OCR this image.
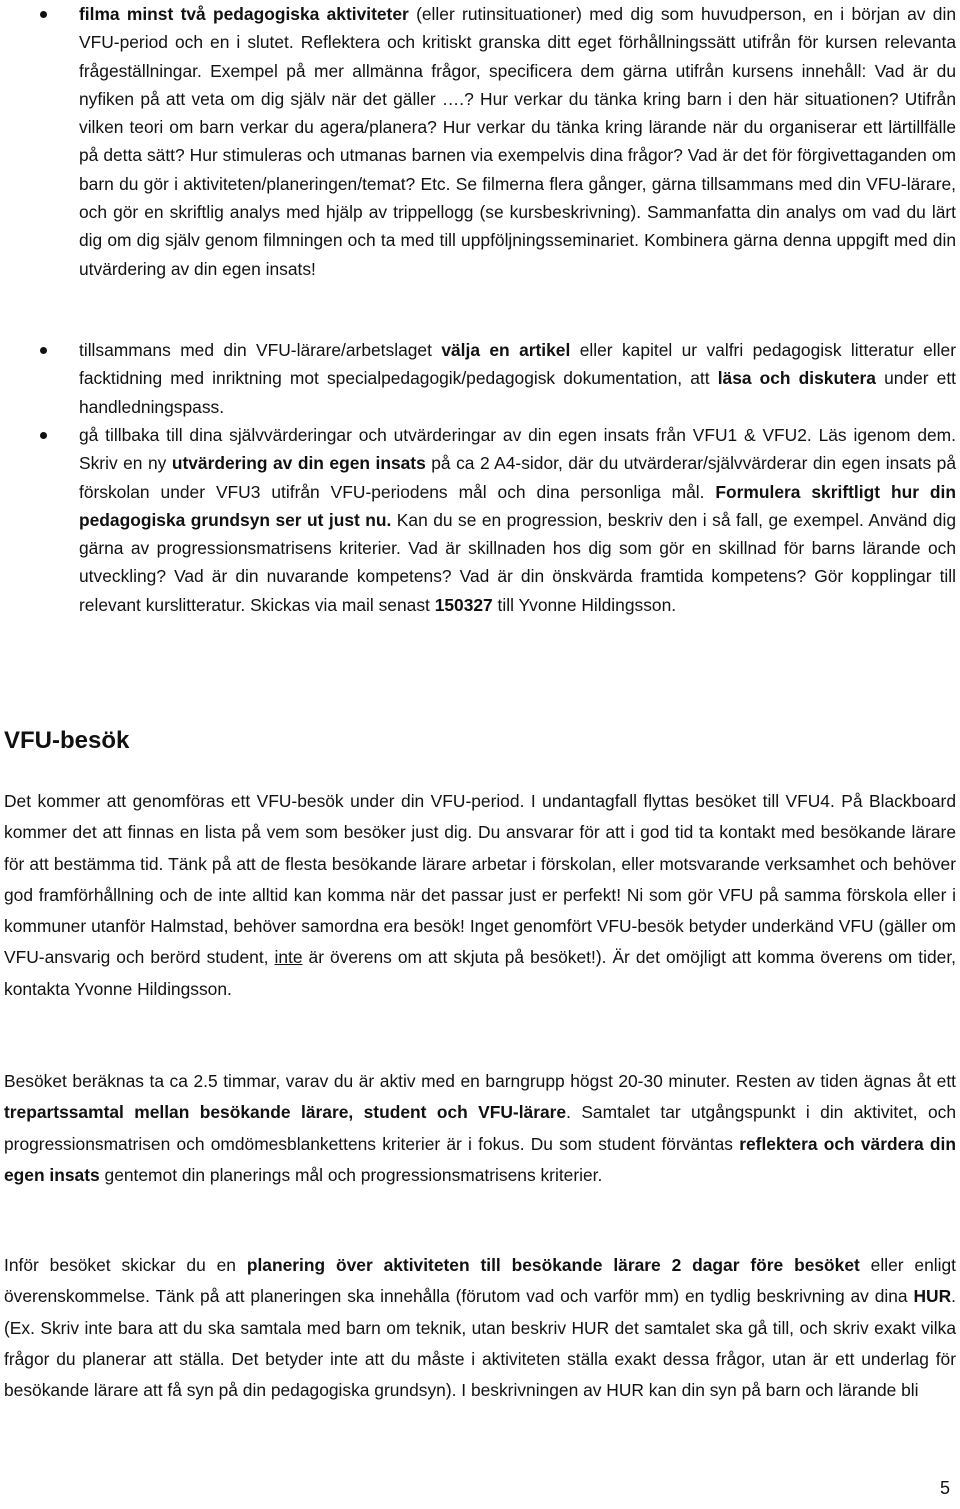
filma minst två pedagogiska aktiviteter (eller rutinsituationer) med dig som huvudperson, en i början av din VFU-period och en i slutet. Reflektera och kritiskt granska ditt eget förhållningssätt utifrån för kursen relevanta frågeställningar. Exempel på mer allmänna frågor, specificera dem gärna utifrån kursens innehåll: Vad är du nyfiken på att veta om dig själv när det gäller ….? Hur verkar du tänka kring barn i den här situationen? Utifrån vilken teori om barn verkar du agera/planera? Hur verkar du tänka kring lärande när du organiserar ett lärtillfälle på detta sätt? Hur stimuleras och utmanas barnen via exempelvis dina frågor? Vad är det för förgivettaganden om barn du gör i aktiviteten/planeringen/temat? Etc. Se filmerna flera gånger, gärna tillsammans med din VFU-lärare, och gör en skriftlig analys med hjälp av trippellogg (se kursbeskrivning). Sammanfatta din analys om vad du lärt dig om dig själv genom filmningen och ta med till uppföljningsseminariet. Kombinera gärna denna uppgift med din utvärdering av din egen insats!

tillsammans med din VFU-lärare/arbetslaget välja en artikel eller kapitel ur valfri pedagogisk litteratur eller facktidning med inriktning mot specialpedagogik/pedagogisk dokumentation, att läsa och diskutera under ett handledningspass.

gå tillbaka till dina självvärderingar och utvärderingar av din egen insats från VFU1 & VFU2. Läs igenom dem. Skriv en ny utvärdering av din egen insats på ca 2 A4-sidor, där du utvärderar/självvärderar din egen insats på förskolan under VFU3 utifrån VFU-periodens mål och dina personliga mål. Formulera skriftligt hur din pedagogiska grundsyn ser ut just nu. Kan du se en progression, beskriv den i så fall, ge exempel. Använd dig gärna av progressionsmatrisens kriterier. Vad är skillnaden hos dig som gör en skillnad för barns lärande och utveckling? Vad är din nuvarande kompetens? Vad är din önskvärda framtida kompetens? Gör kopplingar till relevant kurslitteratur. Skickas via mail senast 150327 till Yvonne Hildingsson.

VFU-besök

Det kommer att genomföras ett VFU-besök under din VFU-period. I undantagfall flyttas besöket till VFU4. På Blackboard kommer det att finnas en lista på vem som besöker just dig. Du ansvarar för att i god tid ta kontakt med besökande lärare för att bestämma tid. Tänk på att de flesta besökande lärare arbetar i förskolan, eller motsvarande verksamhet och behöver god framförhållning och de inte alltid kan komma när det passar just er perfekt! Ni som gör VFU på samma förskola eller i kommuner utanför Halmstad, behöver samordna era besök! Inget genomfört VFU-besök betyder underkänd VFU (gäller om VFU-ansvarig och berörd student, inte är överens om att skjuta på besöket!). Är det omöjligt att komma överens om tider, kontakta Yvonne Hildingsson.

Besöket beräknas ta ca 2.5 timmar, varav du är aktiv med en barngrupp högst 20-30 minuter. Resten av tiden ägnas åt ett trepartssamtal mellan besökande lärare, student och VFU-lärare. Samtalet tar utgångspunkt i din aktivitet, och progressionsmatrisen och omdömesblankettens kriterier är i fokus. Du som student förväntas reflektera och värdera din egen insats gentemot din planerings mål och progressionsmatrisens kriterier.

Inför besöket skickar du en planering över aktiviteten till besökande lärare 2 dagar före besöket eller enligt överenskommelse. Tänk på att planeringen ska innehålla (förutom vad och varför mm) en tydlig beskrivning av dina HUR. (Ex. Skriv inte bara att du ska samtala med barn om teknik, utan beskriv HUR det samtalet ska gå till, och skriv exakt vilka frågor du planerar att ställa. Det betyder inte att du måste i aktiviteten ställa exakt dessa frågor, utan är ett underlag för besökande lärare att få syn på din pedagogiska grundsyn). I beskrivningen av HUR kan din syn på barn och lärande bli

5
